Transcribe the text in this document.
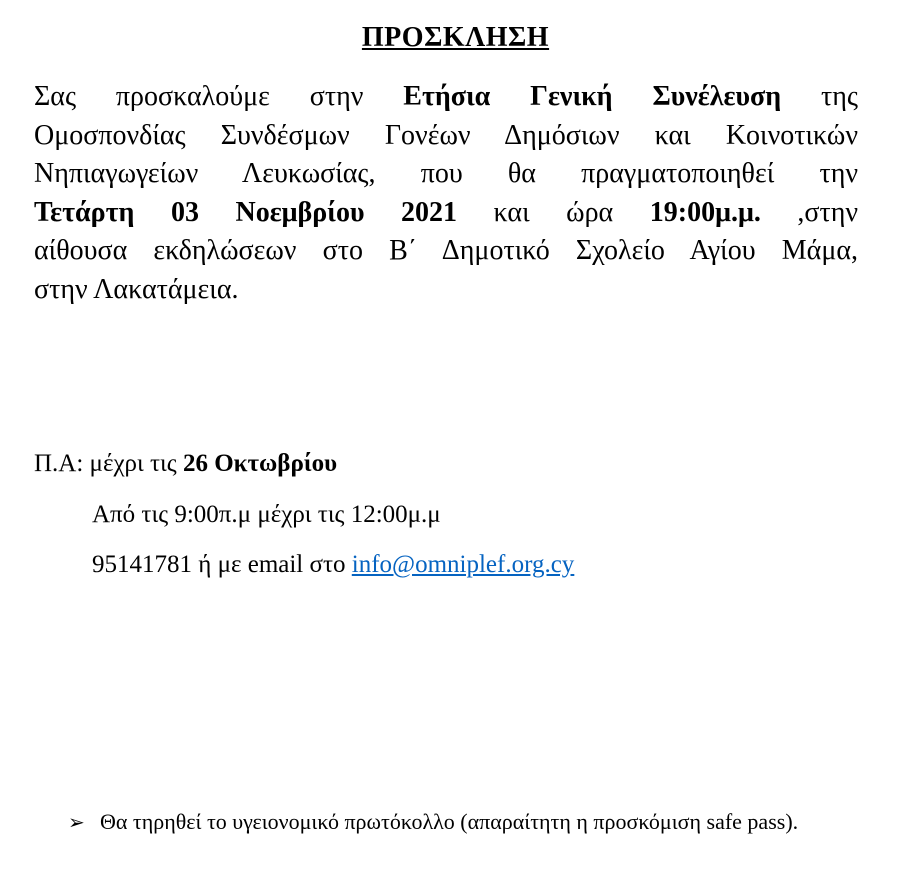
ΠΡΟΣΚΛΗΣΗ
Σας προσκαλούμε στην Ετήσια Γενική Συνέλευση της
Ομοσπονδίας Συνδέσμων Γονέων Δημόσιων και Κοινοτικών
Νηπιαγωγείων Λευκωσίας, που θα πραγματοποιηθεί την
Τετάρτη 03 Νοεμβρίου 2021 και ώρα 19:00μ.μ. ,στην
αίθουσα εκδηλώσεων στο Β΄ Δημοτικό Σχολείο Αγίου Μάμα,
στην Λακατάμεια.
Π.Α: μέχρι τις 26 Οκτωβρίου
Από τις 9:00π.μ μέχρι τις 12:00μ.μ
95141781 ή με email στο info@omniplef.org.cy
➢ Θα τηρηθεί το υγειονομικό πρωτόκολλο (απαραίτητη η προσκόμιση safe pass).
